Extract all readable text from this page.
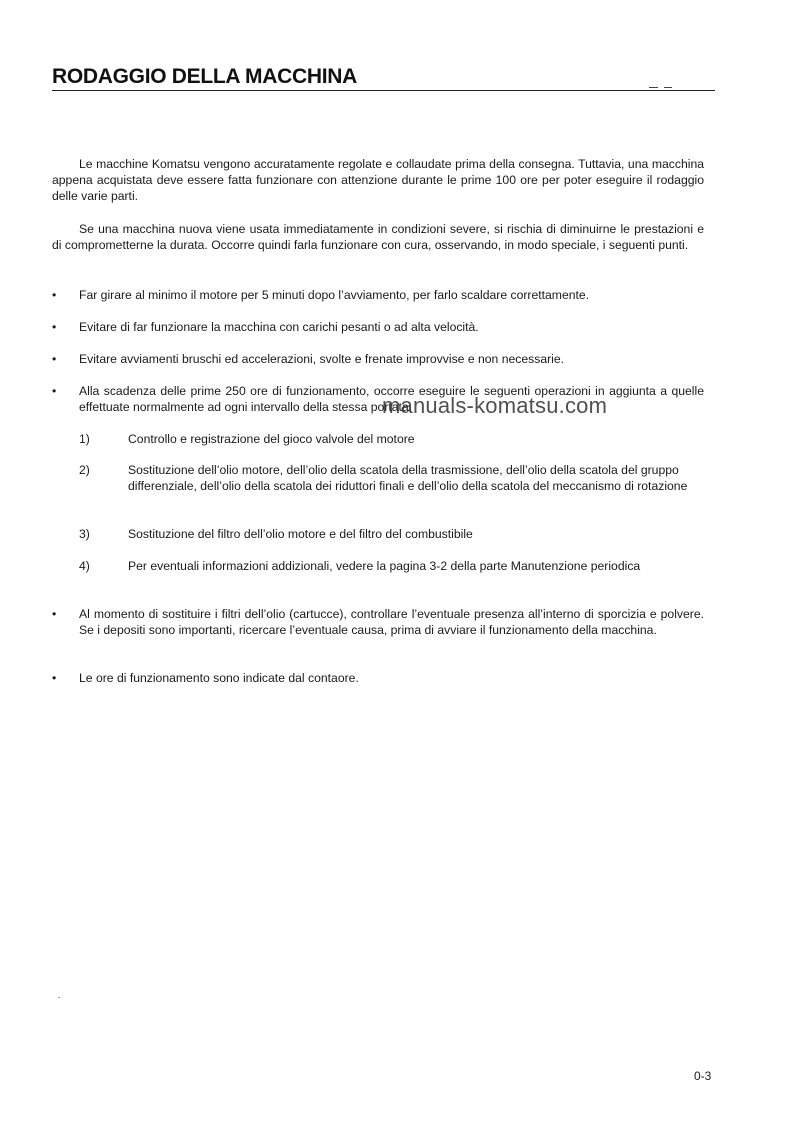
RODAGGIO DELLA MACCHINA

Le macchine Komatsu vengono accuratamente regolate e collaudate prima della consegna. Tuttavia, una macchina appena acquistata deve essere fatta funzionare con attenzione durante le prime 100 ore per poter eseguire il rodaggio delle varie parti.

Se una macchina nuova viene usata immediatamente in condizioni severe, si rischia di diminuirne le prestazioni e di comprometterne la durata. Occorre quindi farla funzionare con cura, osservando, in modo speciale, i seguenti punti.

•	Far girare al minimo il motore per 5 minuti dopo l’avviamento, per farlo scaldare correttamente.
•	Evitare di far funzionare la macchina con carichi pesanti o ad alta velocità.
•	Evitare avviamenti bruschi ed accelerazioni, svolte e frenate improvvise e non necessarie.
•	Alla scadenza delle prime 250 ore di funzionamento, occorre eseguire le seguenti operazioni in aggiunta a quelle effettuate normalmente ad ogni intervallo della stessa portata.
1)	Controllo e registrazione del gioco valvole del motore
2)	Sostituzione dell’olio motore, dell’olio della scatola della trasmissione, dell’olio della scatola del gruppo differenziale, dell’olio della scatola dei riduttori finali e dell’olio della scatola del meccanismo di rotazione
3)	Sostituzione del filtro dell’olio motore e del filtro del combustibile
4)	Per eventuali informazioni addizionali, vedere la pagina 3-2 della parte Manutenzione periodica
•	Al momento di sostituire i filtri dell’olio (cartucce), controllare l’eventuale presenza all’interno di sporcizia e polvere. Se i depositi sono importanti, ricercare l’eventuale causa, prima di avviare il funzionamento della macchina.
•	Le ore di funzionamento sono indicate dal contaore.
manuals-komatsu.com
0-3
